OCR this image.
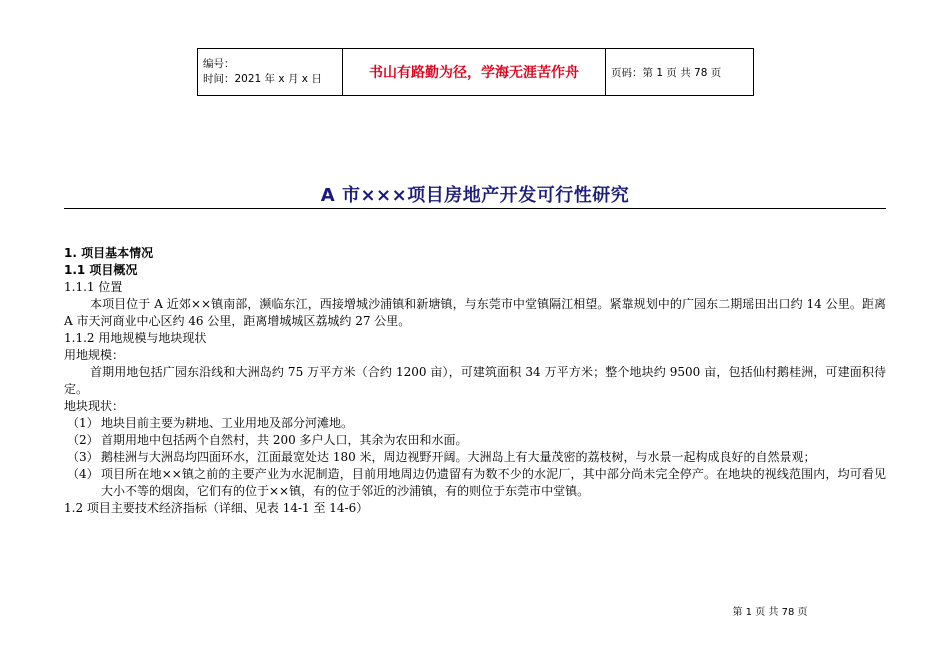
编号：
时间：2021 年 x 月 x 日	书山有路勤为径，学海无涯苦作舟	页码：第 1 页 共 78 页
A 市×××项目房地产开发可行性研究

1. 项目基本情况

1.1 项目概况

1.1.1 位置

本项目位于 A 近郊××镇南部，濒临东江，西接增城沙浦镇和新塘镇，与东莞市中堂镇隔江相望。紧靠规划中的广园东二期瑶田出口约 14 公里。距离 A 市天河商业中心区约 46 公里，距离增城城区荔城约 27 公里。

1.1.2 用地规模与地块现状

用地规模：

首期用地包括广园东沿线和大洲岛约 75 万平方米（合约 1200 亩），可建筑面积 34 万平方米；整个地块约 9500 亩，包括仙村鹅桂洲，可建面积待定。

地块现状：

（1） 地块目前主要为耕地、工业用地及部分河滩地。
（2） 首期用地中包括两个自然村，共 200 多户人口，其余为农田和水面。
（3） 鹅桂洲与大洲岛均四面环水，江面最宽处达 180 米，周边视野开阔。大洲岛上有大量茂密的荔枝树，与水景一起构成良好的自然景观；
（4） 项目所在地××镇之前的主要产业为水泥制造，目前用地周边仍遗留有为数不少的水泥厂，其中部分尚未完全停产。在地块的视线范围内，均可看见大小不等的烟囱，它们有的位于××镇，有的位于邻近的沙浦镇，有的则位于东莞市中堂镇。

1.2 项目主要技术经济指标（详细、见表 14-1 至 14-6）

第 1 页 共 78 页
